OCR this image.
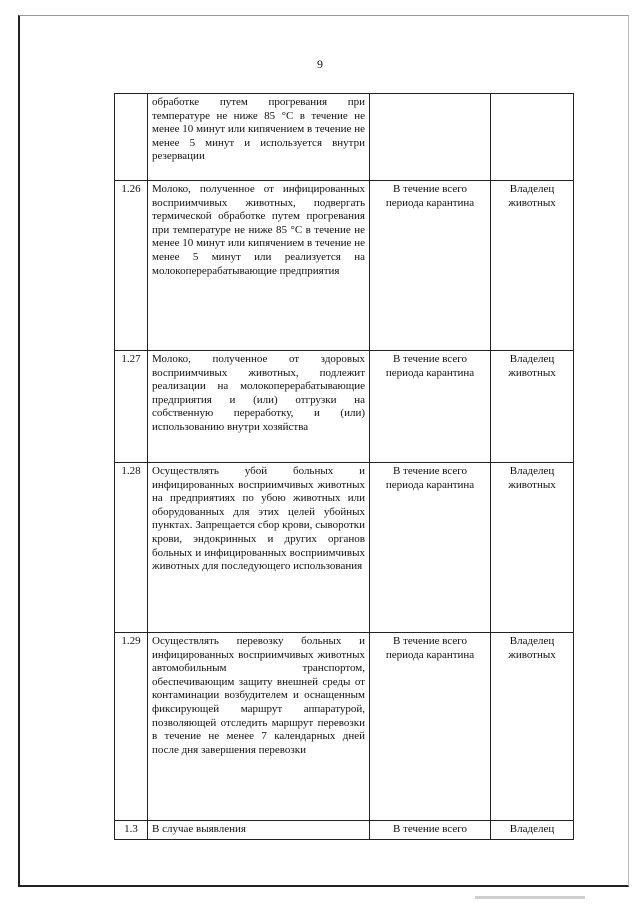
9
	обработке путем прогревания при температуре не ниже 85 °С в течение не менее 10 минут или кипячением в течение не менее 5 минут и используется внутри резервации		
1.26	Молоко, полученное от инфицированных восприимчивых животных, подвергать термической обработке путем прогревания при температуре не ниже 85 °С в течение не менее 10 минут или кипячением в течение не менее 5 минут или реализуется на молокоперерабатывающие предприятия	В течение всего периода карантина	Владелец животных
1.27	Молоко, полученное от здоровых восприимчивых животных, подлежит реализации на молокоперерабатывающие предприятия и (или) отгрузки на собственную переработку, и (или) использованию внутри хозяйства	В течение всего периода карантина	Владелец животных
1.28	Осуществлять убой больных и инфицированных восприимчивых животных на предприятиях по убою животных или оборудованных для этих целей убойных пунктах. Запрещается сбор крови, сыворотки крови, эндокринных и других органов больных и инфицированных восприимчивых животных для последующего использования	В течение всего периода карантина	Владелец животных
1.29	Осуществлять перевозку больных и инфицированных восприимчивых животных автомобильным транспортом, обеспечивающим защиту внешней среды от контаминации возбудителем и оснащенным фиксирующей маршрут аппаратурой, позволяющей отследить маршрут перевозки в течение не менее 7 календарных дней после дня завершения перевозки	В течение всего периода карантина	Владелец животных
1.3	В случае выявления	В течение всего	Владелец
